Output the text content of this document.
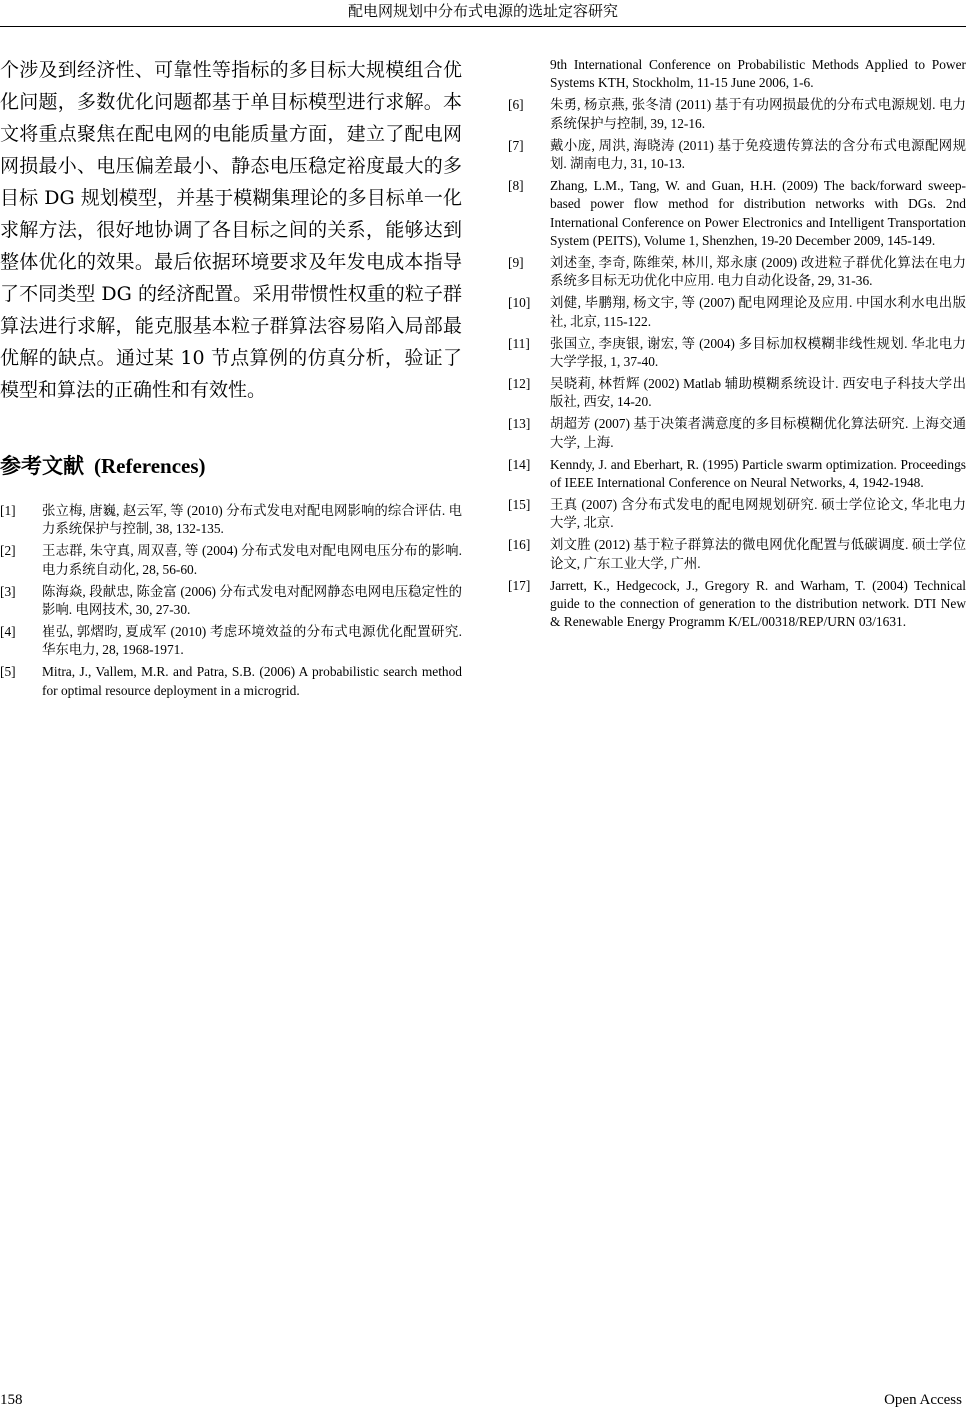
配电网规划中分布式电源的选址定容研究

个涉及到经济性、可靠性等指标的多目标大规模组合优化问题，多数优化问题都基于单目标模型进行求解。本文将重点聚焦在配电网的电能质量方面，建立了配电网网损最小、电压偏差最小、静态电压稳定裕度最大的多目标 DG 规划模型，并基于模糊集理论的多目标单一化求解方法，很好地协调了各目标之间的关系，能够达到整体优化的效果。最后依据环境要求及年发电成本指导了不同类型 DG 的经济配置。采用带惯性权重的粒子群算法进行求解，能克服基本粒子群算法容易陷入局部最优解的缺点。通过某 10 节点算例的仿真分析，验证了模型和算法的正确性和有效性。

参考文献 (References)
[1]	张立梅, 唐巍, 赵云军, 等 (2010) 分布式发电对配电网影响的综合评估. 电力系统保护与控制, 38, 132-135.
[2]	王志群, 朱守真, 周双喜, 等 (2004) 分布式发电对配电网电压分布的影响. 电力系统自动化, 28, 56-60.
[3]	陈海焱, 段献忠, 陈金富 (2006) 分布式发电对配网静态电网电压稳定性的影响. 电网技术, 30, 27-30.
[4]	崔弘, 郭熠昀, 夏成军 (2010) 考虑环境效益的分布式电源优化配置研究. 华东电力, 28, 1968-1971.
[5]	Mitra, J., Vallem, M.R. and Patra, S.B. (2006) A probabilistic search method for optimal resource deployment in a microgrid.
9th International Conference on Probabilistic Methods Applied to Power Systems KTH, Stockholm, 11-15 June 2006, 1-6.
[6]	朱勇, 杨京燕, 张冬清 (2011) 基于有功网损最优的分布式电源规划. 电力系统保护与控制, 39, 12-16.
[7]	戴小庞, 周洪, 海晓涛 (2011) 基于免疫遗传算法的含分布式电源配网规划. 湖南电力, 31, 10-13.
[8]	Zhang, L.M., Tang, W. and Guan, H.H. (2009) The back/forward sweep-based power flow method for distribution networks with DGs. 2nd International Conference on Power Electronics and Intelligent Transportation System (PEITS), Volume 1, Shenzhen, 19-20 December 2009, 145-149.
[9]	刘述奎, 李奇, 陈维荣, 林川, 郑永康 (2009) 改进粒子群优化算法在电力系统多目标无功优化中应用. 电力自动化设备, 29, 31-36.
[10]	刘健, 毕鹏翔, 杨文宇, 等 (2007) 配电网理论及应用. 中国水利水电出版社, 北京, 115-122.
[11]	张国立, 李庚银, 谢宏, 等 (2004) 多目标加权模糊非线性规划. 华北电力大学学报, 1, 37-40.
[12]	吴晓莉, 林哲辉 (2002) Matlab 辅助模糊系统设计. 西安电子科技大学出版社, 西安, 14-20.
[13]	胡超芳 (2007) 基于决策者满意度的多目标模糊优化算法研究. 上海交通大学, 上海.
[14]	Kenndy, J. and Eberhart, R. (1995) Particle swarm optimization. Proceedings of IEEE International Conference on Neural Networks, 4, 1942-1948.
[15]	王真 (2007) 含分布式发电的配电网规划研究. 硕士学位论文, 华北电力大学, 北京.
[16]	刘文胜 (2012) 基于粒子群算法的微电网优化配置与低碳调度. 硕士学位论文, 广东工业大学, 广州.
[17]	Jarrett, K., Hedgecock, J., Gregory R. and Warham, T. (2004) Technical guide to the connection of generation to the distribution network. DTI New & Renewable Energy Programm K/EL/00318/REP/URN 03/1631.
158	Open Access
